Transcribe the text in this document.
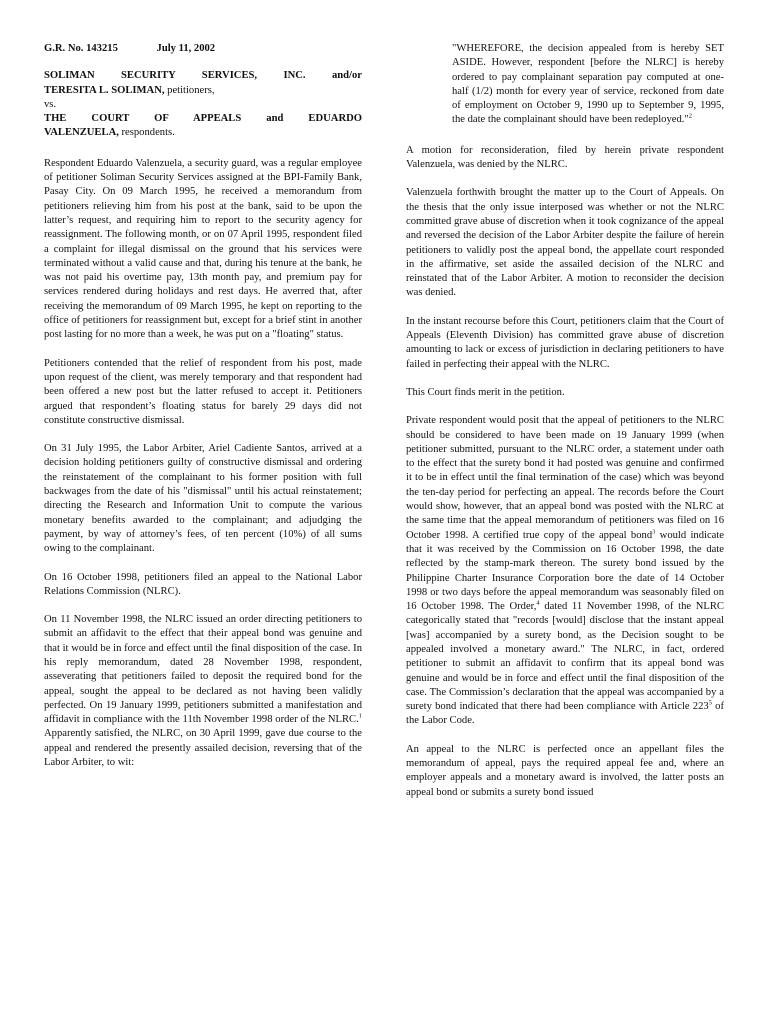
G.R. No. 143215	July 11, 2002
SOLIMAN SECURITY SERVICES, INC. and/or
TERESITA L. SOLIMAN, petitioners,
vs.
THE COURT OF APPEALS and EDUARDO
VALENZUELA, respondents.

Respondent Eduardo Valenzuela, a security guard, was a regular employee of petitioner Soliman Security Services assigned at the BPI-Family Bank, Pasay City. On 09 March 1995, he received a memorandum from petitioners relieving him from his post at the bank, said to be upon the latter’s request, and requiring him to report to the security agency for reassignment. The following month, or on 07 April 1995, respondent filed a complaint for illegal dismissal on the ground that his services were terminated without a valid cause and that, during his tenure at the bank, he was not paid his overtime pay, 13th month pay, and premium pay for services rendered during holidays and rest days. He averred that, after receiving the memorandum of 09 March 1995, he kept on reporting to the office of petitioners for reassignment but, except for a brief stint in another post lasting for no more than a week, he was put on a "floating" status.

Petitioners contended that the relief of respondent from his post, made upon request of the client, was merely temporary and that respondent had been offered a new post but the latter refused to accept it. Petitioners argued that respondent’s floating status for barely 29 days did not constitute constructive dismissal.

On 31 July 1995, the Labor Arbiter, Ariel Cadiente Santos, arrived at a decision holding petitioners guilty of constructive dismissal and ordering the reinstatement of the complainant to his former position with full backwages from the date of his "dismissal" until his actual reinstatement; directing the Research and Information Unit to compute the various monetary benefits awarded to the complainant; and adjudging the payment, by way of attorney’s fees, of ten percent (10%) of all sums owing to the complainant.

On 16 October 1998, petitioners filed an appeal to the National Labor Relations Commission (NLRC).

On 11 November 1998, the NLRC issued an order directing petitioners to submit an affidavit to the effect that their appeal bond was genuine and that it would be in force and effect until the final disposition of the case. In his reply memorandum, dated 28 November 1998, respondent, asseverating that petitioners failed to deposit the required bond for the appeal, sought the appeal to be declared as not having been validly perfected. On 19 January 1999, petitioners submitted a manifestation and affidavit in compliance with the 11th November 1998 order of the NLRC.$^1$ Apparently satisfied, the NLRC, on 30 April 1999, gave due course to the appeal and rendered the presently assailed decision, reversing that of the Labor Arbiter, to wit:

"WHEREFORE, the decision appealed from is hereby SET ASIDE. However, respondent [before the NLRC] is hereby ordered to pay complainant separation pay computed at one-half (1/2) month for every year of service, reckoned from date of employment on October 9, 1990 up to September 9, 1995, the date the complainant should have been redeployed."$^2$

A motion for reconsideration, filed by herein private respondent Valenzuela, was denied by the NLRC.

Valenzuela forthwith brought the matter up to the Court of Appeals. On the thesis that the only issue interposed was whether or not the NLRC committed grave abuse of discretion when it took cognizance of the appeal and reversed the decision of the Labor Arbiter despite the failure of herein petitioners to validly post the appeal bond, the appellate court responded in the affirmative, set aside the assailed decision of the NLRC and reinstated that of the Labor Arbiter. A motion to reconsider the decision was denied.

In the instant recourse before this Court, petitioners claim that the Court of Appeals (Eleventh Division) has committed grave abuse of discretion amounting to lack or excess of jurisdiction in declaring petitioners to have failed in perfecting their appeal with the NLRC.

This Court finds merit in the petition.

Private respondent would posit that the appeal of petitioners to the NLRC should be considered to have been made on 19 January 1999 (when petitioner submitted, pursuant to the NLRC order, a statement under oath to the effect that the surety bond it had posted was genuine and confirmed it to be in effect until the final termination of the case) which was beyond the ten-day period for perfecting an appeal. The records before the Court would show, however, that an appeal bond was posted with the NLRC at the same time that the appeal memorandum of petitioners was filed on 16 October 1998. A certified true copy of the appeal bond$^3$ would indicate that it was received by the Commission on 16 October 1998, the date reflected by the stamp-mark thereon. The surety bond issued by the Philippine Charter Insurance Corporation bore the date of 14 October 1998 or two days before the appeal memorandum was seasonably filed on 16 October 1998. The Order,$^4$ dated 11 November 1998, of the NLRC categorically stated that "records [would] disclose that the instant appeal [was] accompanied by a surety bond, as the Decision sought to be appealed involved a monetary award." The NLRC, in fact, ordered petitioner to submit an affidavit to confirm that its appeal bond was genuine and would be in force and effect until the final disposition of the case. The Commission’s declaration that the appeal was accompanied by a surety bond indicated that there had been compliance with Article $223^5$ of the Labor Code.

An appeal to the NLRC is perfected once an appellant files the memorandum of appeal, pays the required appeal fee and, where an employer appeals and a monetary award is involved, the latter posts an appeal bond or submits a surety bond issued
